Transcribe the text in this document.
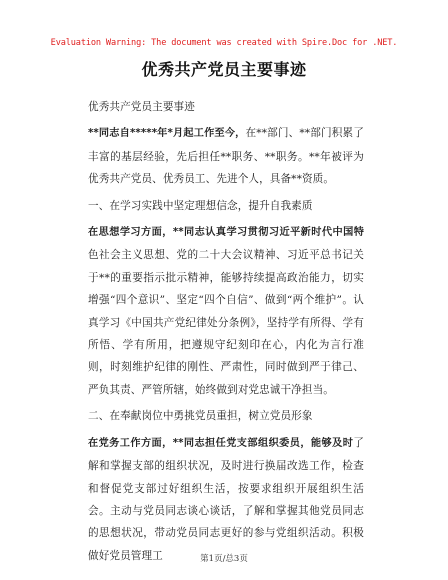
Evaluation Warning: The document was created with Spire.Doc for .NET.
优秀共产党员主要事迹

优秀共产党员主要事迹

**同志自*****年*月起工作至今，在**部门、**部门积累了丰富的基层经验，先后担任**职务、**职务。**年被评为优秀共产党员、优秀员工、先进个人，具备**资质。

一、在学习实践中坚定理想信念，提升自我素质

在思想学习方面，**同志认真学习贯彻习近平新时代中国特色社会主义思想、党的二十大会议精神、习近平总书记关于**的重要指示批示精神，能够持续提高政治能力，切实增强“四个意识”、坚定“四个自信”、做到“两个维护”。认真学习《中国共产党纪律处分条例》，坚持学有所得、学有所悟、学有所用，把遵规守纪刻印在心，内化为言行准则，时刻维护纪律的刚性、严肃性，同时做到严于律己、严负其责、严管所辖，始终做到对党忠诚干净担当。

二、在奉献岗位中勇挑党员重担，树立党员形象

在党务工作方面，**同志担任党支部组织委员，能够及时了解和掌握支部的组织状况，及时进行换届改选工作，检查和督促党支部过好组织生活，按要求组织开展组织生活会。主动与党员同志谈心谈话，了解和掌握其他党员同志的思想状况，带动党员同志更好的参与党组织活动。积极做好党员管理工	第1页/总3页
